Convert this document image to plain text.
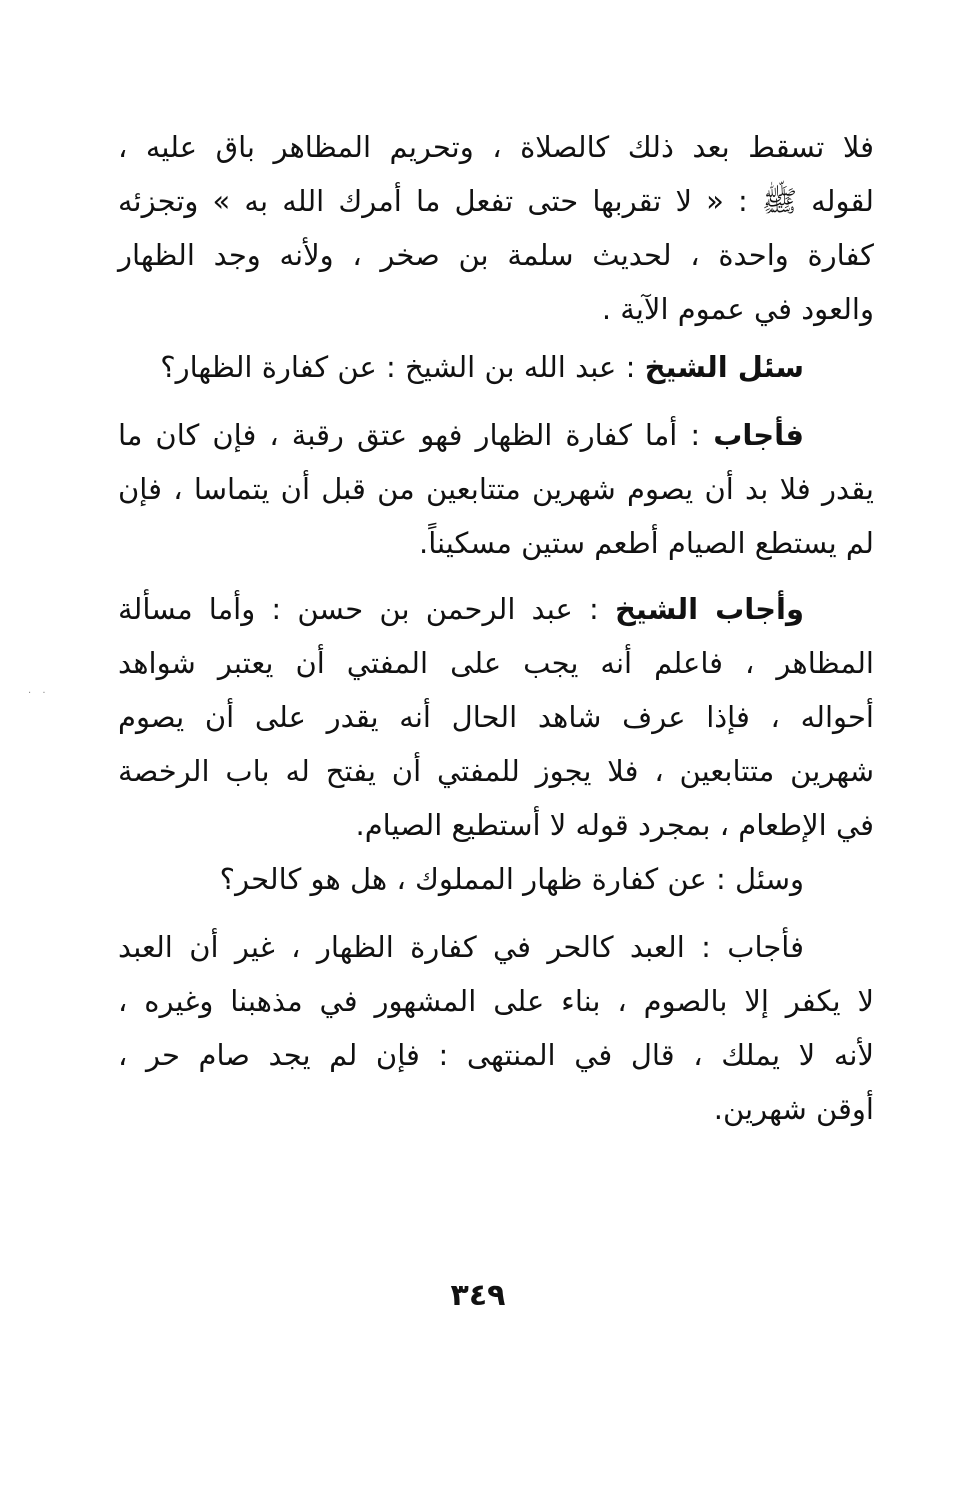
فلا تسقط بعد ذلك كالصلاة ، وتحريم المظاهر باق عليه ،
لقوله ﷺ : « لا تقربها حتى تفعل ما أمرك الله به » وتجزئه
كفارة واحدة ، لحديث سلمة بن صخر ، ولأنه وجد الظهار
والعود في عموم الآية .
سئل الشيخ : عبد الله بن الشيخ : عن كفارة الظهار؟
فأجاب : أما كفارة الظهار فهو عتق رقبة ، فإن كان ما
يقدر فلا بد أن يصوم شهرين متتابعين من قبل أن يتماسا ، فإن
لم يستطع الصيام أطعم ستين مسكيناً.
وأجاب الشيخ : عبد الرحمن بن حسن : وأما مسألة
المظاهر ، فاعلم أنه يجب على المفتي أن يعتبر شواهد
أحواله ، فإذا عرف شاهد الحال أنه يقدر على أن يصوم
شهرين متتابعين ، فلا يجوز للمفتي أن يفتح له باب الرخصة
في الإطعام ، بمجرد قوله لا أستطيع الصيام.
وسئل : عن كفارة ظهار المملوك ، هل هو كالحر؟
فأجاب : العبد كالحر في كفارة الظهار ، غير أن العبد
لا يكفر إلا بالصوم ، بناء على المشهور في مذهبنا وغيره ،
لأنه لا يملك ، قال في المنتهى : فإن لم يجد صام حر ،
أوقن شهرين.
٣٤٩
· ·
